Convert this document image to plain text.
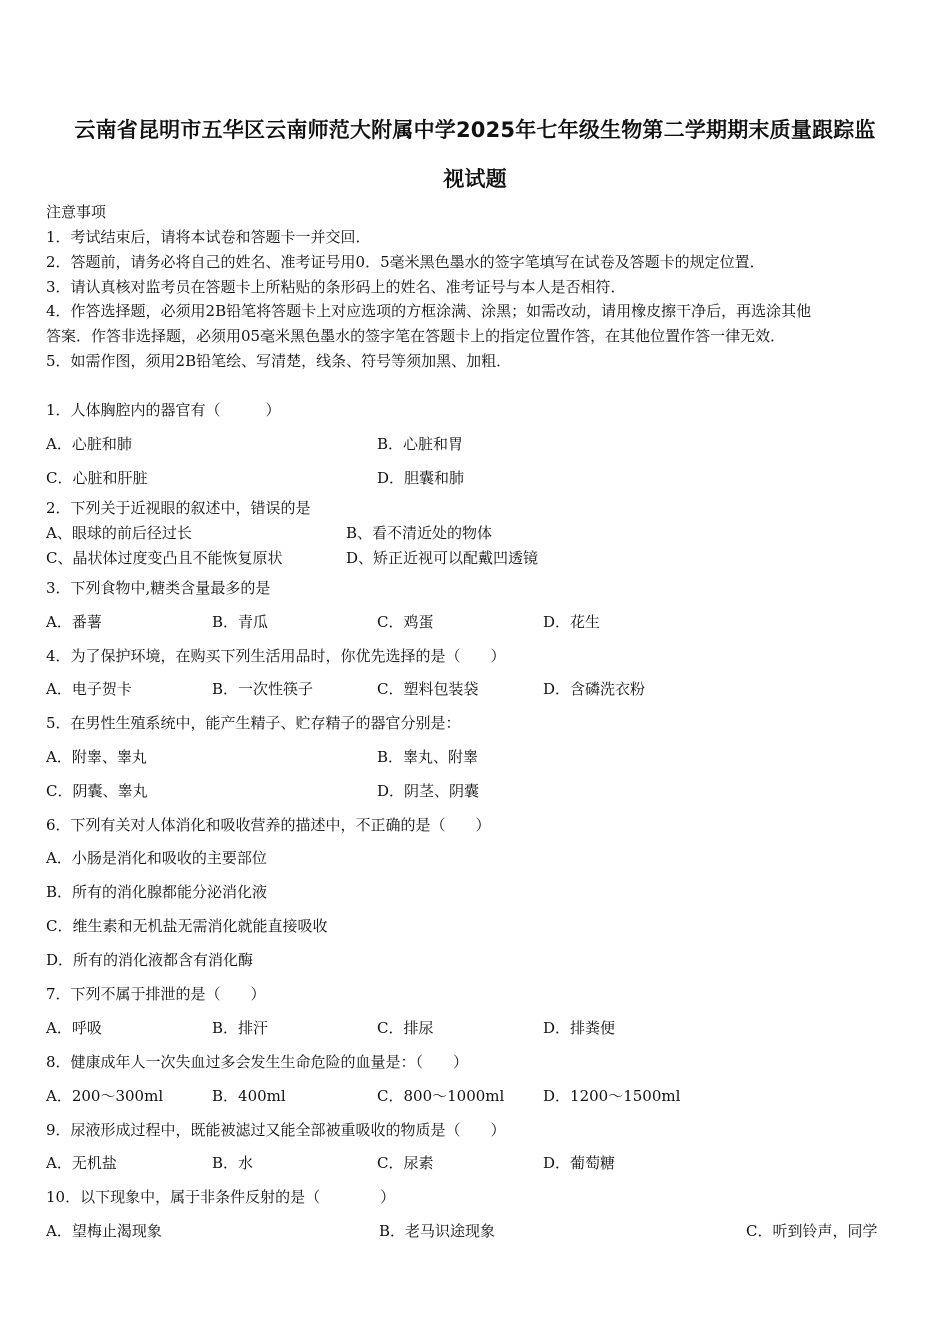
云南省昆明市五华区云南师范大附属中学2025年七年级生物第二学期期末质量跟踪监
视试题
注意事项
1．考试结束后，请将本试卷和答题卡一并交回．
2．答题前，请务必将自己的姓名、准考证号用0．5毫米黑色墨水的签字笔填写在试卷及答题卡的规定位置．
3．请认真核对监考员在答题卡上所粘贴的条形码上的姓名、准考证号与本人是否相符．
4．作答选择题，必须用2B铅笔将答题卡上对应选项的方框涂满、涂黑；如需改动，请用橡皮擦干净后，再选涂其他
答案．作答非选择题，必须用05毫米黑色墨水的签字笔在答题卡上的指定位置作答，在其他位置作答一律无效．
5．如需作图，须用2B铅笔绘、写清楚，线条、符号等须加黑、加粗．
1．人体胸腔内的器官有（　　　）
A．心脏和肺	B．心脏和胃
C．心脏和肝脏	D．胆囊和肺
2．下列关于近视眼的叙述中，错误的是
A、眼球的前后径过长	B、看不清近处的物体
C、晶状体过度变凸且不能恢复原状	D、矫正近视可以配戴凹透镜
3．下列食物中,糖类含量最多的是
A．番薯	B．青瓜	C．鸡蛋	D．花生
4．为了保护环境，在购买下列生活用品时，你优先选择的是（　　）
A．电子贺卡	B．一次性筷子	C．塑料包装袋	D．含磷洗衣粉
5．在男性生殖系统中，能产生精子、贮存精子的器官分别是：
A．附睾、睾丸	B．睾丸、附睾
C．阴囊、睾丸	D．阴茎、阴囊
6．下列有关对人体消化和吸收营养的描述中，不正确的是（　　）
A．小肠是消化和吸收的主要部位
B．所有的消化腺都能分泌消化液
C．维生素和无机盐无需消化就能直接吸收
D．所有的消化液都含有消化酶
7．下列不属于排泄的是（　　）
A．呼吸	B．排汗	C．排尿	D．排粪便
8．健康成年人一次失血过多会发生生命危险的血量是：（　　）
A．200～300ml	B．400ml	C．800～1000ml	D．1200～1500ml
9．尿液形成过程中，既能被滤过又能全部被重吸收的物质是（　　）
A．无机盐	B．水	C．尿素	D．葡萄糖
10．以下现象中，属于非条件反射的是（　　　　）
A．望梅止渴现象	B．老马识途现象	C．听到铃声，同学
